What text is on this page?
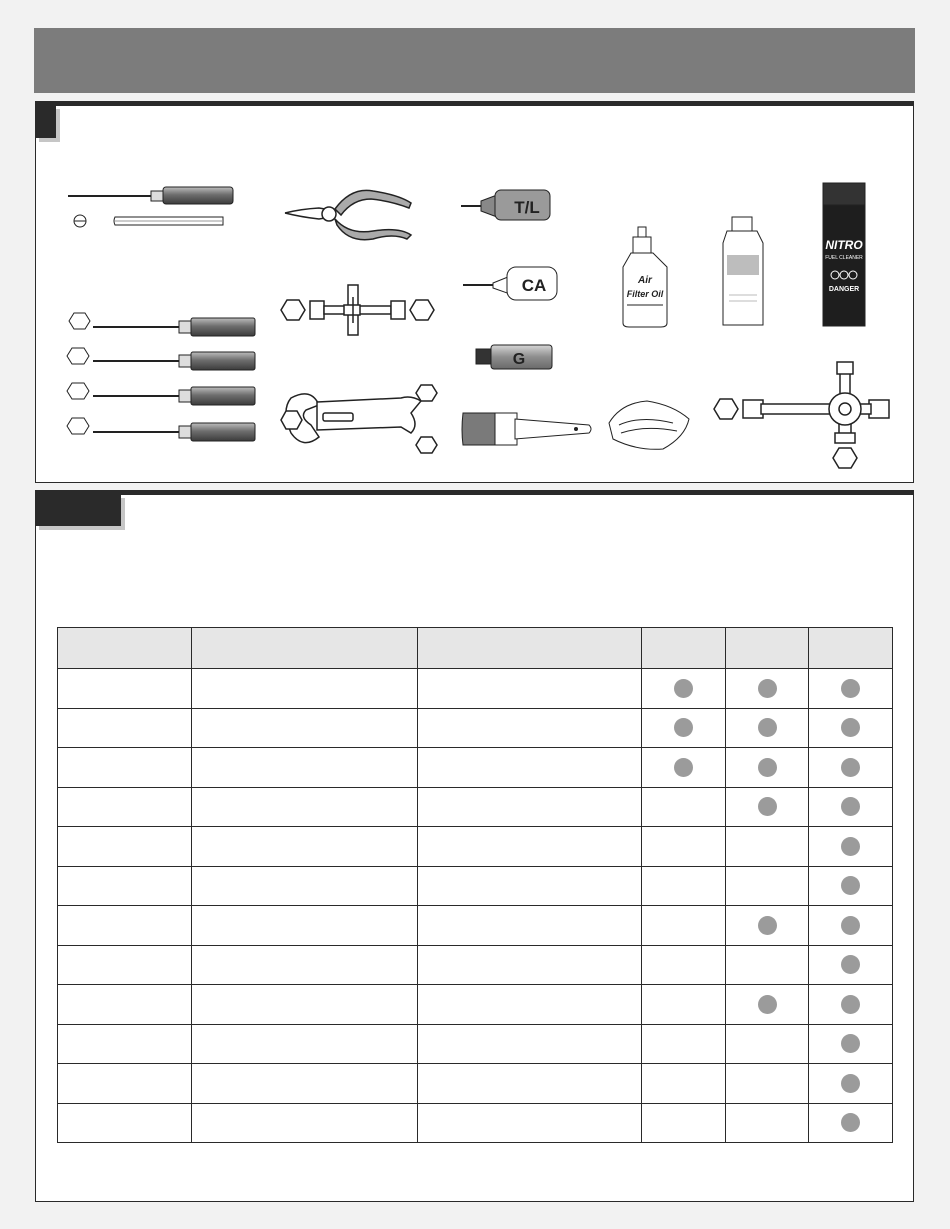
T/L
CA
G
Air
Filter Oil
NITRO
FUEL CLEANER
DANGER
